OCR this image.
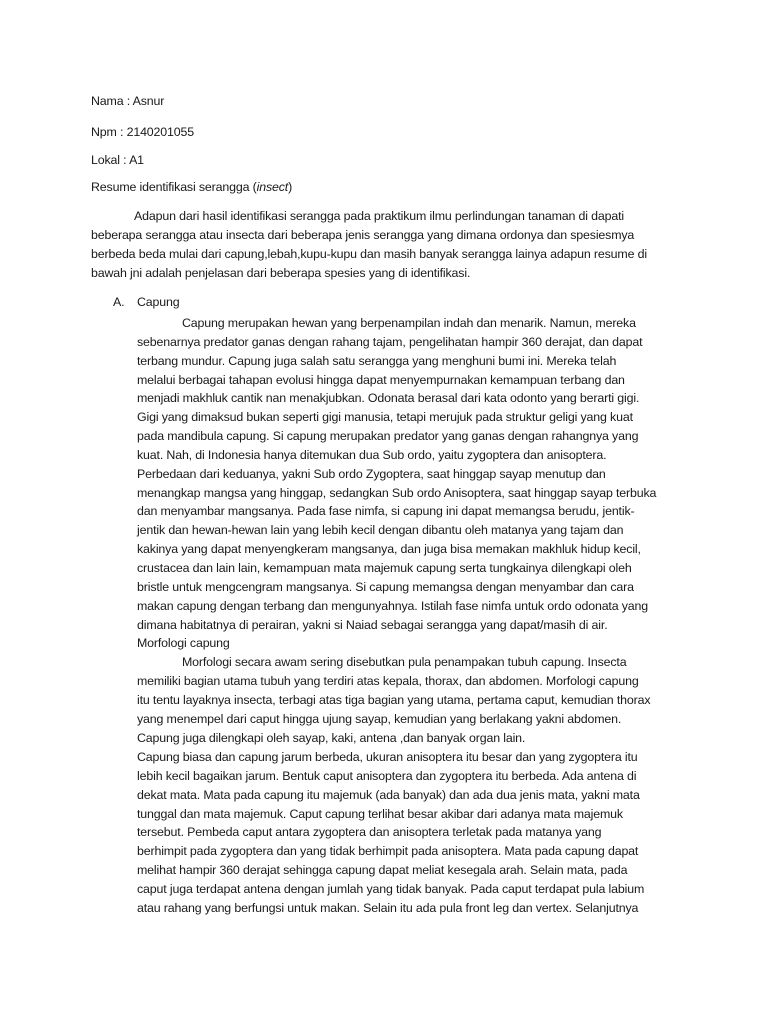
Nama : Asnur
Npm : 2140201055
Lokal : A1
Resume identifikasi serangga (insect)
Adapun dari hasil identifikasi serangga pada praktikum ilmu perlindungan tanaman di dapati
beberapa serangga atau insecta dari beberapa jenis serangga yang dimana ordonya dan spesiesmya
berbeda beda mulai dari capung,lebah,kupu-kupu dan masih banyak serangga lainya adapun resume di
bawah jni adalah penjelasan dari beberapa spesies yang di identifikasi.
A. Capung
Capung merupakan hewan yang berpenampilan indah dan menarik. Namun, mereka
sebenarnya predator ganas dengan rahang tajam, pengelihatan hampir 360 derajat, dan dapat
terbang mundur. Capung juga salah satu serangga yang menghuni bumi ini. Mereka telah
melalui berbagai tahapan evolusi hingga dapat menyempurnakan kemampuan terbang dan
menjadi makhluk cantik nan menakjubkan. Odonata berasal dari kata odonto yang berarti gigi.
Gigi yang dimaksud bukan seperti gigi manusia, tetapi merujuk pada struktur geligi yang kuat
pada mandibula capung. Si capung merupakan predator yang ganas dengan rahangnya yang
kuat. Nah, di Indonesia hanya ditemukan dua Sub ordo, yaitu zygoptera dan anisoptera.
Perbedaan dari keduanya, yakni Sub ordo Zygoptera, saat hinggap sayap menutup dan
menangkap mangsa yang hinggap, sedangkan Sub ordo Anisoptera, saat hinggap sayap terbuka
dan menyambar mangsanya. Pada fase nimfa, si capung ini dapat memangsa berudu, jentik-
jentik dan hewan-hewan lain yang lebih kecil dengan dibantu oleh matanya yang tajam dan
kakinya yang dapat menyengkeram mangsanya, dan juga bisa memakan makhluk hidup kecil,
crustacea dan lain lain, kemampuan mata majemuk capung serta tungkainya dilengkapi oleh
bristle untuk mengcengram mangsanya. Si capung memangsa dengan menyambar dan cara
makan capung dengan terbang dan mengunyahnya. Istilah fase nimfa untuk ordo odonata yang
dimana habitatnya di perairan, yakni si Naiad sebagai serangga yang dapat/masih di air.
Morfologi capung
Morfologi secara awam sering disebutkan pula penampakan tubuh capung. Insecta
memiliki bagian utama tubuh yang terdiri atas kepala, thorax, dan abdomen. Morfologi capung
itu tentu layaknya insecta, terbagi atas tiga bagian yang utama, pertama caput, kemudian thorax
yang menempel dari caput hingga ujung sayap, kemudian yang berlakang yakni abdomen.
Capung juga dilengkapi oleh sayap, kaki, antena ,dan banyak organ lain.
Capung biasa dan capung jarum berbeda, ukuran anisoptera itu besar dan yang zygoptera itu
lebih kecil bagaikan jarum. Bentuk caput anisoptera dan zygoptera itu berbeda. Ada antena di
dekat mata. Mata pada capung itu majemuk (ada banyak) dan ada dua jenis mata, yakni mata
tunggal dan mata majemuk. Caput capung terlihat besar akibar dari adanya mata majemuk
tersebut. Pembeda caput antara zygoptera dan anisoptera terletak pada matanya yang
berhimpit pada zygoptera dan yang tidak berhimpit pada anisoptera. Mata pada capung dapat
melihat hampir 360 derajat sehingga capung dapat meliat kesegala arah. Selain mata, pada
caput juga terdapat antena dengan jumlah yang tidak banyak. Pada caput terdapat pula labium
atau rahang yang berfungsi untuk makan. Selain itu ada pula front leg dan vertex. Selanjutnya
